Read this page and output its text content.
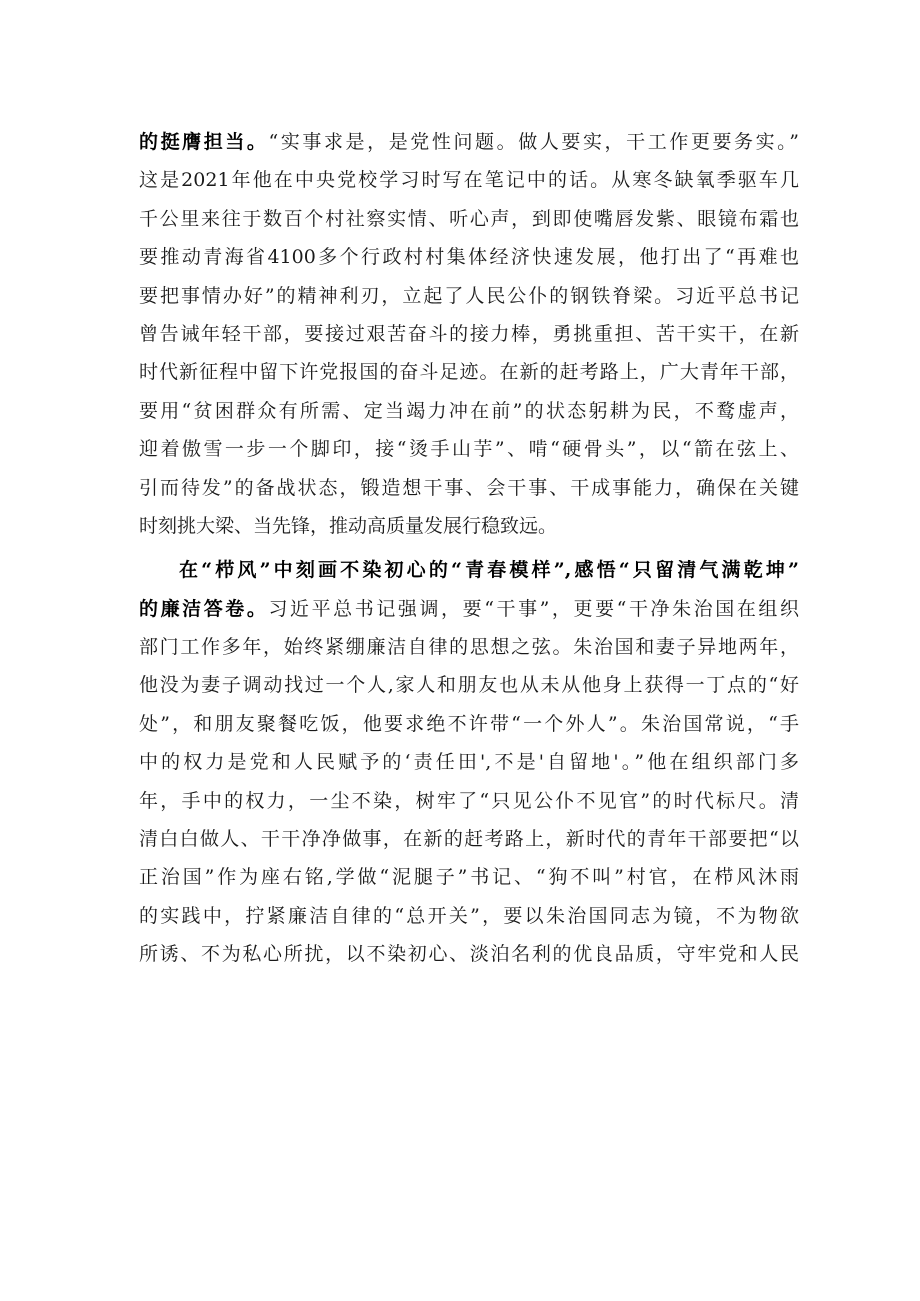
的挺膺担当。“实事求是，是党性问题。做人要实，干工作更要务实。”
这是2021年他在中央党校学习时写在笔记中的话。从寒冬缺氧季驱车几
千公里来往于数百个村社察实情、听心声，到即使嘴唇发紫、眼镜布霜也
要推动青海省4100多个行政村村集体经济快速发展，他打出了“再难也
要把事情办好”的精神利刃，立起了人民公仆的钢铁脊梁。习近平总书记
曾告诫年轻干部，要接过艰苦奋斗的接力棒，勇挑重担、苦干实干，在新
时代新征程中留下许党报国的奋斗足迹。在新的赶考路上，广大青年干部，
要用“贫困群众有所需、定当竭力冲在前”的状态躬耕为民，不鹜虚声，
迎着傲雪一步一个脚印，接“烫手山芋”、啃“硬骨头”，以“箭在弦上、
引而待发”的备战状态，锻造想干事、会干事、干成事能力，确保在关键
时刻挑大梁、当先锋，推动高质量发展行稳致远。
在“栉风”中刻画不染初心的“青春模样”,感悟“只留清气满乾坤”
的廉洁答卷。习近平总书记强调，要“干事”，更要“干净朱治国在组织
部门工作多年，始终紧绷廉洁自律的思想之弦。朱治国和妻子异地两年，
他没为妻子调动找过一个人,家人和朋友也从未从他身上获得一丁点的“好
处”，和朋友聚餐吃饭，他要求绝不许带“一个外人”。朱治国常说，“手
中的权力是党和人民赋予的‘责任田',不是'自留地'。”他在组织部门多
年，手中的权力，一尘不染，树牢了“只见公仆不见官”的时代标尺。清
清白白做人、干干净净做事，在新的赶考路上，新时代的青年干部要把“以
正治国”作为座右铭,学做“泥腿子”书记、“狗不叫”村官，在栉风沐雨
的实践中，拧紧廉洁自律的“总开关”，要以朱治国同志为镜，不为物欲
所诱、不为私心所扰，以不染初心、淡泊名利的优良品质，守牢党和人民
